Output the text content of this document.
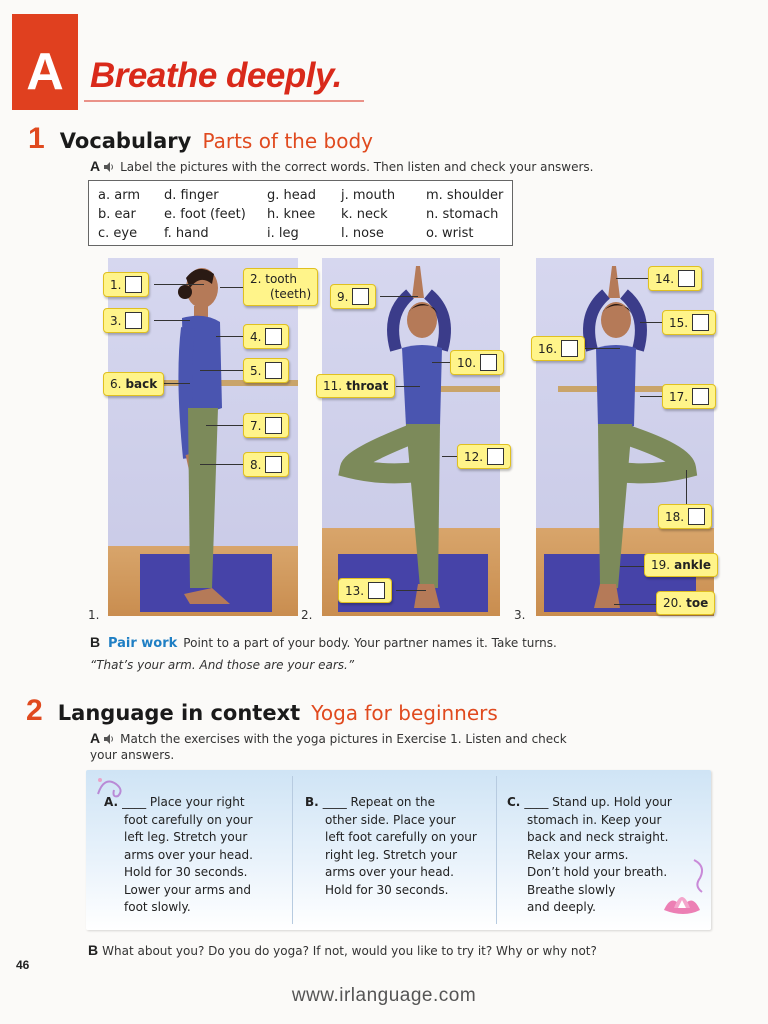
A Breathe deeply.
1 Vocabulary Parts of the body
A Label the pictures with the correct words. Then listen and check your answers.
a. arm
b. ear
c. eye
d. finger
e. foot (feet)
f. hand
g. head
h. knee
i. leg
j. mouth
k. neck
l. nose
m. shoulder
n. stomach
o. wrist
1.	2. tooth
(teeth)
3.
4.
5.
6. back
7.
8.
9.
10.
11. throat
12.
13.
14.
15.
16.
17.
18.
19. ankle
20. toe
1.	2.	3.
B Pair work Point to a part of your body. Your partner names it. Take turns.
“That’s your arm. And those are your ears.”
2 Language in context Yoga for beginners
A Match the exercises with the yoga pictures in Exercise 1. Listen and check
your answers.
A. ____ Place your right
foot carefully on your
left leg. Stretch your
arms over your head.
Hold for 30 seconds.
Lower your arms and
foot slowly.
B. ____ Repeat on the
other side. Place your
left foot carefully on your
right leg. Stretch your
arms over your head.
Hold for 30 seconds.
C. ____ Stand up. Hold your
stomach in. Keep your
back and neck straight.
Relax your arms.
Don’t hold your breath.
Breathe slowly
and deeply.
B What about you? Do you do yoga? If not, would you like to try it? Why or why not?
46
www.irlanguage.com
